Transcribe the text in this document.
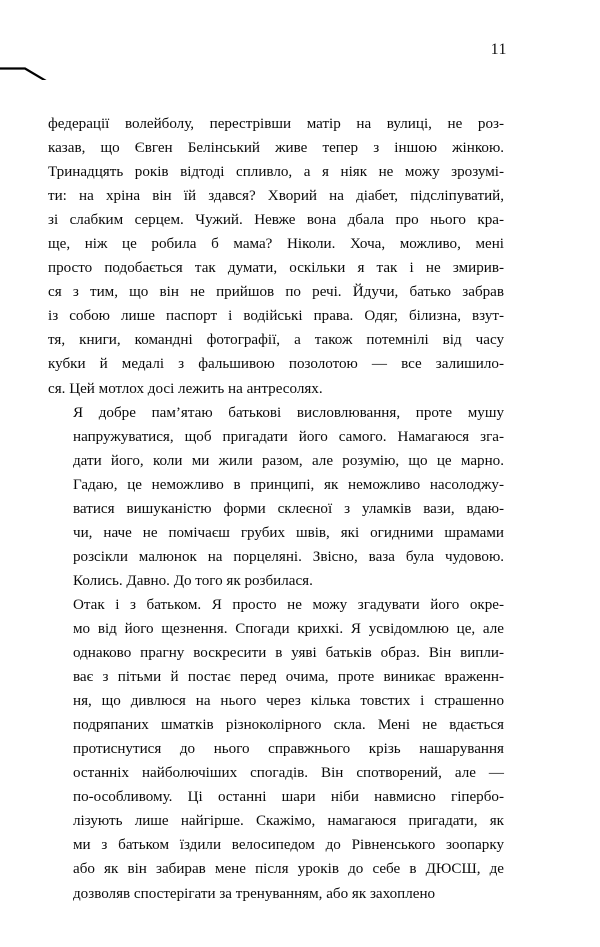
11

федерації волейболу, перестрівши матір на вулиці, не роз-
казав, що Євген Белінський живе тепер з іншою жінкою.
Тринадцять років відтоді спливло, а я ніяк не можу зрозумі-
ти: на хріна він їй здався? Хворий на діабет, підсліпуватий,
зі слабким серцем. Чужий. Невже вона дбала про нього кра-
ще, ніж це робила б мама? Ніколи. Хоча, можливо, мені
просто подобається так думати, оскільки я так і не змирив-
ся з тим, що він не прийшов по речі. Йдучи, батько забрав
із собою лише паспорт і водійські права. Одяг, білизна, взут-
тя, книги, командні фотографії, а також потемнілі від часу
кубки й медалі з фальшивою позолотою — все залишило-
ся. Цей мотлох досі лежить на антресолях.

Я добре пам’ятаю батькові висловлювання, проте мушу
напружуватися, щоб пригадати його самого. Намагаюся зга-
дати його, коли ми жили разом, але розумію, що це марно.
Гадаю, це неможливо в принципі, як неможливо насолоджу-
ватися вишуканістю форми склеєної з уламків вази, вдаю-
чи, наче не помічаєш грубих швів, які огидними шрамами
розсікли малюнок на порцеляні. Звісно, ваза була чудовою.
Колись. Давно. До того як розбилася.

Отак і з батьком. Я просто не можу згадувати його окре-
мо від його щезнення. Спогади крихкі. Я усвідомлюю це, але
однаково прагну воскресити в уяві батьків образ. Він випли-
ває з пітьми й постає перед очима, проте виникає враженн-
ня, що дивлюся на нього через кілька товстих і страшенно
подряпаних шматків різноколірного скла. Мені не вдається
протиснутися до нього справжнього крізь нашарування
останніх найболючіших спогадів. Він спотворений, але —
по-особливому. Ці останні шари ніби навмисно гіпербо-
лізують лише найгірше. Скажімо, намагаюся пригадати, як
ми з батьком їздили велосипедом до Рівненського зоопарку
або як він забирав мене після уроків до себе в ДЮСШ, де
дозволяв спостерігати за тренуванням, або як захоплено
